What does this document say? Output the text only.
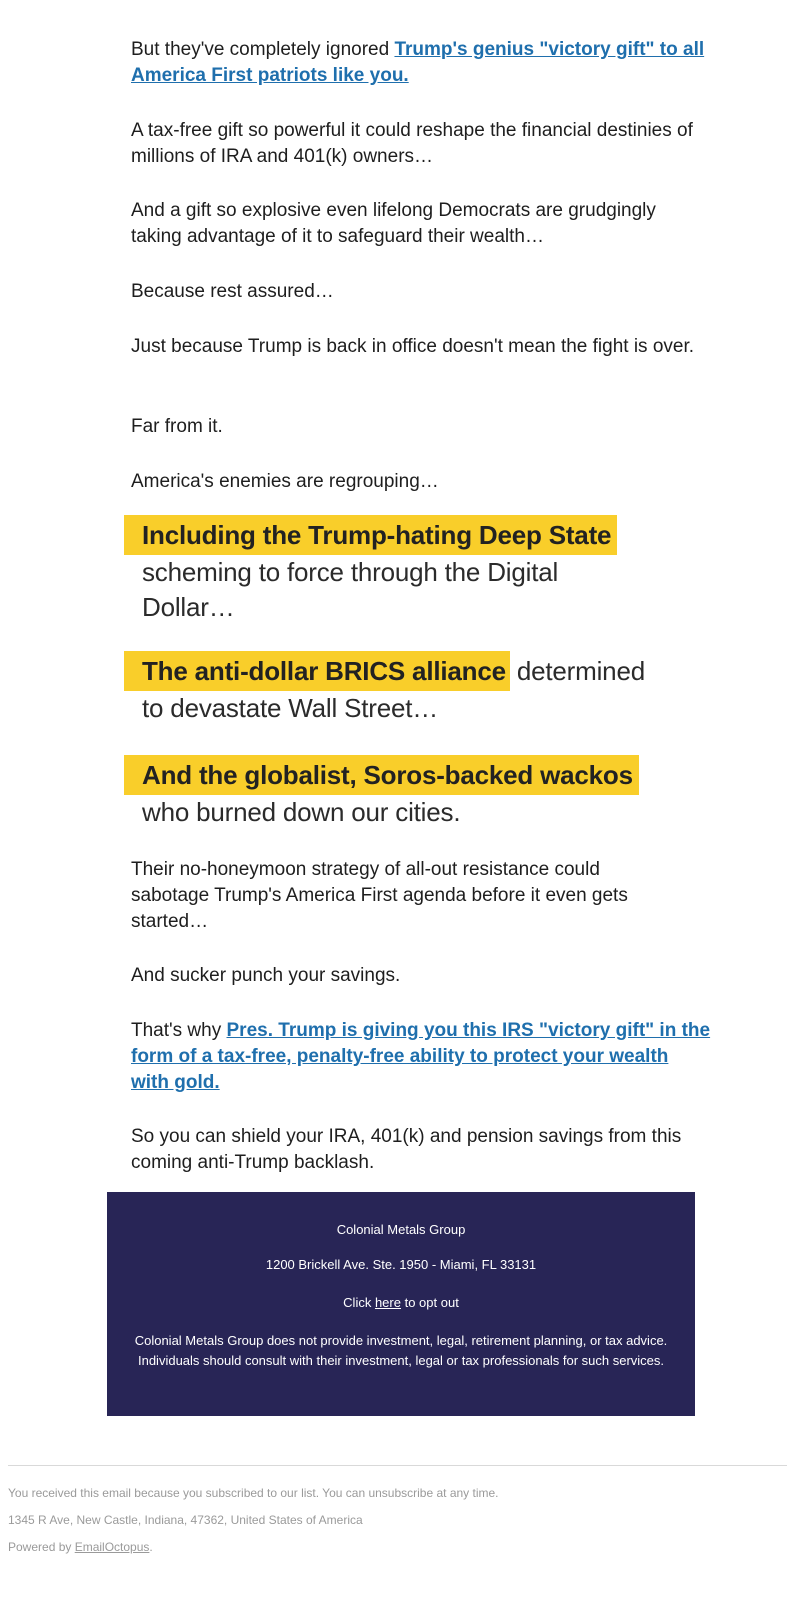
But they've completely ignored Trump's genius "victory gift" to all America First patriots like you.

A tax-free gift so powerful it could reshape the financial destinies of millions of IRA and 401(k) owners…

And a gift so explosive even lifelong Democrats are grudgingly taking advantage of it to safeguard their wealth…

Because rest assured…

Just because Trump is back in office doesn't mean the fight is over.

Far from it.

America's enemies are regrouping…

Including the Trump-hating Deep State
scheming to force through the Digital Dollar…
The anti-dollar BRICS alliance determined
to devastate Wall Street…
And the globalist, Soros-backed wackos
who burned down our cities.

Their no-honeymoon strategy of all-out resistance could sabotage Trump's America First agenda before it even gets started…

And sucker punch your savings.

That's why Pres. Trump is giving you this IRS "victory gift" in the form of a tax-free, penalty-free ability to protect your wealth with gold.

So you can shield your IRA, 401(k) and pension savings from this coming anti-Trump backlash.

Colonial Metals Group
1200 Brickell Ave. Ste. 1950 - Miami, FL 33131
Click here to opt out
Colonial Metals Group does not provide investment, legal, retirement planning, or tax advice.
Individuals should consult with their investment, legal or tax professionals for such services.
You received this email because you subscribed to our list. You can unsubscribe at any time.
1345 R Ave, New Castle, Indiana, 47362, United States of America
Powered by EmailOctopus.
